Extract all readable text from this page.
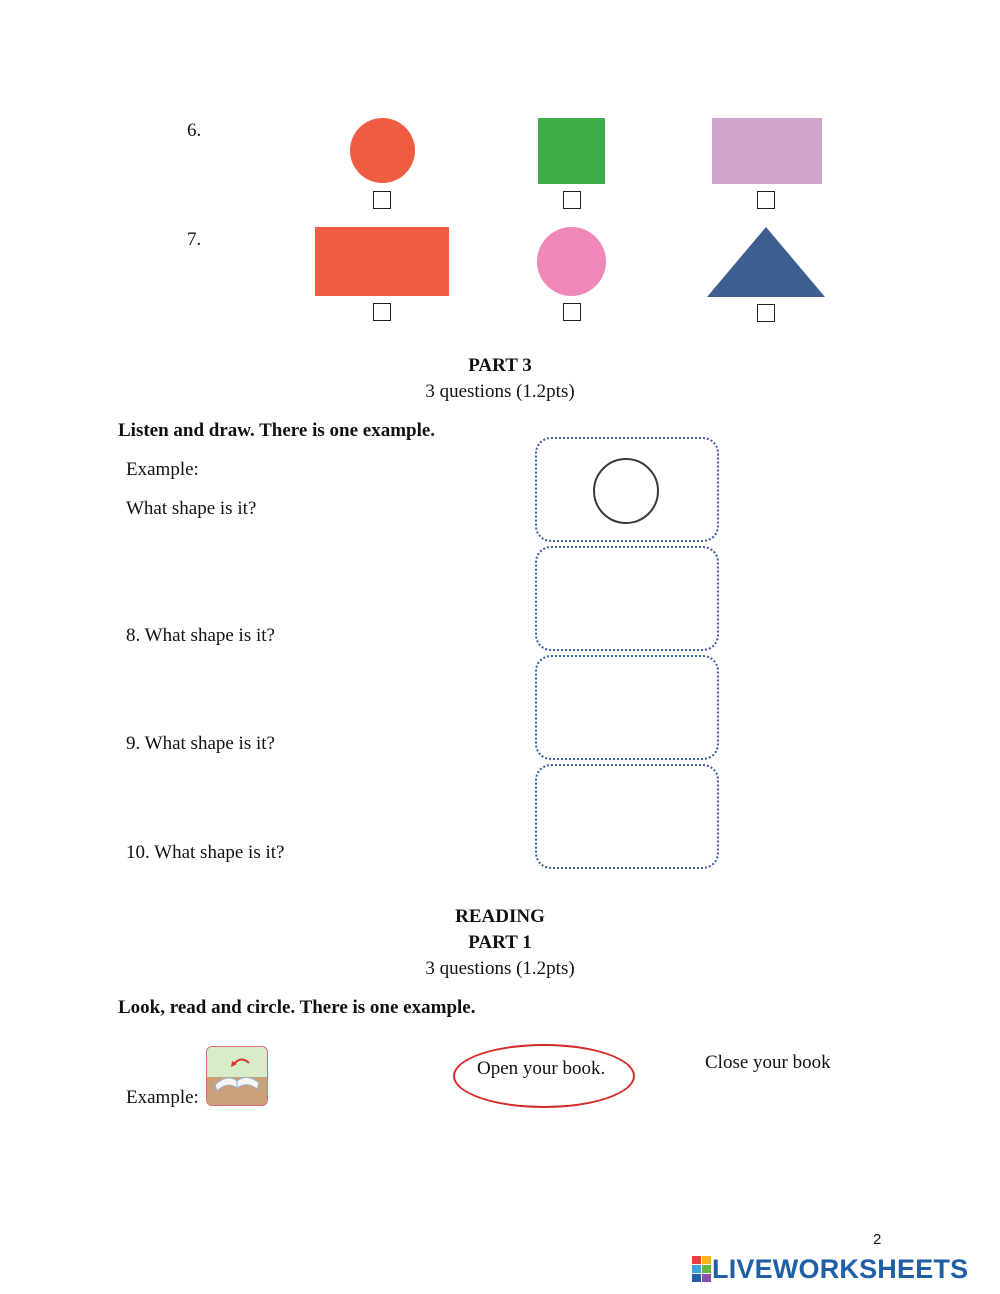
6.
7.
PART 3
3 questions (1.2pts)
Listen and draw. There is one example.
Example:
What shape is it?
8. What shape is it?
9. What shape is it?
10. What shape is it?
READING
PART 1
3 questions (1.2pts)
Look, read and circle. There is one example.
Example:
Open your book.	Close your book
2
LIVEWORKSHEETS
